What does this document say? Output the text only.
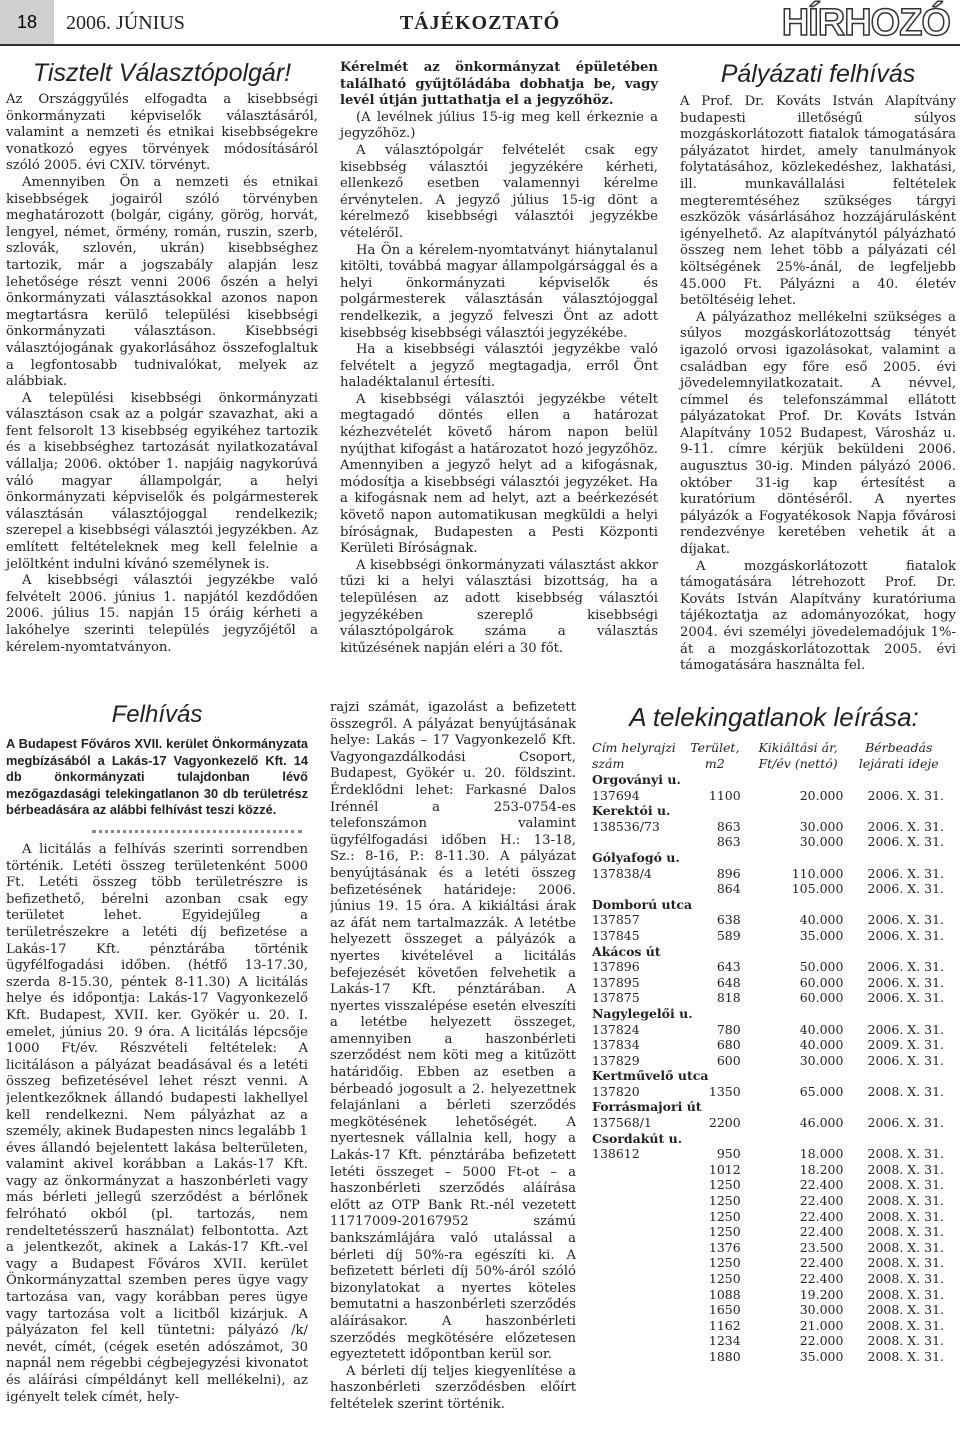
18	2006. JÚNIUS	TÁJÉKOZTATÓ	HÍRHOZÓ
Tisztelt Választópolgár!

Az Országgyűlés elfogadta a kisebbségi önkormányzati képviselők választásáról, valamint a nemzeti és etnikai kisebbségekre vonatkozó egyes törvények módosításáról szóló 2005. évi CXIV. törvényt.

Amennyiben Ön a nemzeti és etnikai kisebbségek jogairól szóló törvényben meghatározott (bolgár, cigány, görög, horvát, lengyel, német, örmény, román, ruszin, szerb, szlovák, szlovén, ukrán) kisebbséghez tartozik, már a jogszabály alapján lesz lehetősége részt venni 2006 őszén a helyi önkormányzati választásokkal azonos napon megtartásra kerülő települési kisebbségi önkormányzati választáson. Kisebbségi választójogának gyakorlásához összefoglaltuk a legfontosabb tudnivalókat, melyek az alábbiak.

A települési kisebbségi önkormányzati választáson csak az a polgár szavazhat, aki a fent felsorolt 13 kisebbség egyikéhez tartozik és a kisebbséghez tartozását nyilatkozatával vállalja; 2006. október 1. napjáig nagykorúvá váló magyar állampolgár, a helyi önkormányzati képviselők és polgármesterek választásán választójoggal rendelkezik; szerepel a kisebbségi választói jegyzékben. Az említett feltételeknek meg kell felelnie a jelöltként indulni kívánó személynek is.

A kisebbségi választói jegyzékbe való felvételt 2006. június 1. napjától kezdődően 2006. július 15. napján 15 óráig kérheti a lakóhelye szerinti település jegyzőjétől a kérelem-nyomtatványon.

Kérelmét az önkormányzat épületében található gyűjtőládába dobhatja be, vagy levél útján juttathatja el a jegyzőhöz.

(A levélnek július 15-ig meg kell érkeznie a jegyzőhöz.)

A választópolgár felvételét csak egy kisebbség választói jegyzékére kérheti, ellenkező esetben valamennyi kérelme érvénytelen. A jegyző július 15-ig dönt a kérelmező kisebbségi választói jegyzékbe vételéről.

Ha Ön a kérelem-nyomtatványt hiánytalanul kitölti, továbbá magyar állampolgársággal és a helyi önkormányzati képviselők és polgármesterek választásán választójoggal rendelkezik, a jegyző felveszi Önt az adott kisebbség kisebbségi választói jegyzékébe.

Ha a kisebbségi választói jegyzékbe való felvételt a jegyző megtagadja, erről Önt haladéktalanul értesíti.

A kisebbségi választói jegyzékbe vételt megtagadó döntés ellen a határozat kézhezvételét követő három napon belül nyújthat kifogást a határozatot hozó jegyzőhöz. Amennyiben a jegyző helyt ad a kifogásnak, módosítja a kisebbségi választói jegyzéket. Ha a kifogásnak nem ad helyt, azt a beérkezését követő napon automatikusan megküldi a helyi bíróságnak, Budapesten a Pesti Központi Kerületi Bíróságnak.

A kisebbségi önkormányzati választást akkor tűzi ki a helyi választási bizottság, ha a településen az adott kisebbség választói jegyzékében szereplő kisebbségi választópolgárok száma a választás kitűzésének napján eléri a 30 főt.

Pályázati felhívás

A Prof. Dr. Kováts István Alapítvány budapesti illetőségű súlyos mozgáskorlátozott fiatalok támogatására pályázatot hirdet, amely tanulmányok folytatásához, közlekedéshez, lakhatási, ill. munkavállalási feltételek megteremtéséhez szükséges tárgyi eszközök vásárlásához hozzájárulásként igényelhető. Az alapítványtól pályázható összeg nem lehet több a pályázati cél költségének 25%-ánál, de legfeljebb 45.000 Ft. Pályázni a 40. életév betöltéséig lehet.

A pályázathoz mellékelni szükséges a súlyos mozgáskorlátozottság tényét igazoló orvosi igazolásokat, valamint a családban egy főre eső 2005. évi jövedelemnyilatkozatait. A névvel, címmel és telefonszámmal ellátott pályázatokat Prof. Dr. Kováts István Alapítvány 1052 Budapest, Városház u. 9-11. címre kérjük beküldeni 2006. augusztus 30-ig. Minden pályázó 2006. október 31-ig kap értesítést a kuratórium döntéséről. A nyertes pályázók a Fogyatékosok Napja fővárosi rendezvénye keretében vehetik át a díjakat.

A mozgáskorlátozott fiatalok támogatására létrehozott Prof. Dr. Kováts István Alapítvány kuratóriuma tájékoztatja az adományozókat, hogy 2004. évi személyi jövedelemadójuk 1%-át a mozgáskorlátozottak 2005. évi támogatására használta fel.

Felhívás
A Budapest Főváros XVII. kerület Önkormányzata megbízásából a Lakás-17 Vagyonkezelő Kft. 14 db önkormányzati tulajdonban lévő mezőgazdasági telekingatlanon 30 db területrész bérbeadására az alábbi felhívást teszi közzé.

A licitálás a felhívás szerinti sorrendben történik. Letéti összeg területenként 5000 Ft. Letéti összeg több területrészre is befizethető, bérelni azonban csak egy területet lehet. Egyidejűleg a területrészekre a letéti díj befizetése a Lakás-17 Kft. pénztárába történik ügyfélfogadási időben. (hétfő 13-17.30, szerda 8-15.30, péntek 8-11.30) A licitálás helye és időpontja: Lakás-17 Vagyonkezelő Kft. Budapest, XVII. ker. Gyökér u. 20. I. emelet, június 20. 9 óra. A licitálás lépcsője 1000 Ft/év. Részvételi feltételek: A licitáláson a pályázat beadásával és a letéti összeg befizetésével lehet részt venni. A jelentkezőknek állandó budapesti lakhellyel kell rendelkezni. Nem pályázhat az a személy, akinek Budapesten nincs legalább 1 éves állandó bejelentett lakása belterületen, valamint akivel korábban a Lakás-17 Kft. vagy az önkormányzat a haszonbérleti vagy más bérleti jellegű szerződést a bérlőnek felróható okból (pl. tartozás, nem rendeltetésszerű használat) felbontotta. Azt a jelentkezőt, akinek a Lakás-17 Kft.-vel vagy a Budapest Főváros XVII. kerület Önkormányzattal szemben peres ügye vagy tartozása van, vagy korábban peres ügye vagy tartozása volt a licitből kizárjuk. A pályázaton fel kell tüntetni: pályázó /k/ nevét, címét, (cégek esetén adószámot, 30 napnál nem régebbi cégbejegyzési kivonatot és aláírási címpéldányt kell mellékelni), az igényelt telek címét, hely-

rajzi számát, igazolást a befizetett összegről. A pályázat benyújtásának helye: Lakás – 17 Vagyonkezelő Kft. Vagyongazdálkodási Csoport, Budapest, Gyökér u. 20. földszint. Érdeklődni lehet: Farkasné Dalos Irénnél a 253-0754-es telefonszámon valamint ügyfélfogadási időben H.: 13-18, Sz.: 8-16, P.: 8-11.30. A pályázat benyújtásának és a letéti összeg befizetésének határideje: 2006. június 19. 15 óra. A kikiáltási árak az áfát nem tartalmazzák. A letétbe helyezett összeget a pályázók a nyertes kivételével a licitálás befejezését követően felvehetik a Lakás-17 Kft. pénztárában. A nyertes visszalépése esetén elveszíti a letétbe helyezett összeget, amennyiben a haszonbérleti szerződést nem köti meg a kitűzött határidőig. Ebben az esetben a bérbeadó jogosult a 2. helyezettnek felajánlani a bérleti szerződés megkötésének lehetőségét. A nyertesnek vállalnia kell, hogy a Lakás-17 Kft. pénztárába befizetett letéti összeget – 5000 Ft-ot – a haszonbérleti szerződés aláírása előtt az OTP Bank Rt.-nél vezetett 11717009-20167952 számú bankszámlájára való utalással a bérleti díj 50%-ra egészíti ki. A befizetett bérleti díj 50%-áról szóló bizonylatokat a nyertes köteles bemutatni a haszonbérleti szerződés aláírásakor. A haszonbérleti szerződés megkötésére előzetesen egyeztetett időpontban kerül sor.

A bérleti díj teljes kiegyenlítése a haszonbérleti szerződésben előírt feltételek szerint történik.

A telekingatlanok leírása:
Cím helyrajzi szám	Terület, m2	Kikiáltási ár, Ft/év (nettó)	Bérbeadás lejárati ideje
Orgoványi u.			
137694	1100	20.000	2006. X. 31.
Kerektói u.			
138536/73	863	30.000	2006. X. 31.
	863	30.000	2006. X. 31.
Gólyafogó u.			
137838/4	896	110.000	2006. X. 31.
	864	105.000	2006. X. 31.
Domború utca			
137857	638	40.000	2006. X. 31.
137845	589	35.000	2006. X. 31.
Akácos út			
137896	643	50.000	2006. X. 31.
137895	648	60.000	2006. X. 31.
137875	818	60.000	2006. X. 31.
Nagylegelői u.			
137824	780	40.000	2006. X. 31.
137834	680	40.000	2009. X. 31.
137829	600	30.000	2006. X. 31.
Kertművelő utca			
137820	1350	65.000	2008. X. 31.
Forrásmajori út			
137568/1	2200	46.000	2006. X. 31.
Csordakút u.			
138612	950	18.000	2008. X. 31.
	1012	18.200	2008. X. 31.
	1250	22.400	2008. X. 31.
	1250	22.400	2008. X. 31.
	1250	22.400	2008. X. 31.
	1250	22.400	2008. X. 31.
	1376	23.500	2008. X. 31.
	1250	22.400	2008. X. 31.
	1250	22.400	2008. X. 31.
	1088	19.200	2008. X. 31.
	1650	30.000	2008. X. 31.
	1162	21.000	2008. X. 31.
	1234	22.000	2008. X. 31.
	1880	35.000	2008. X. 31.
